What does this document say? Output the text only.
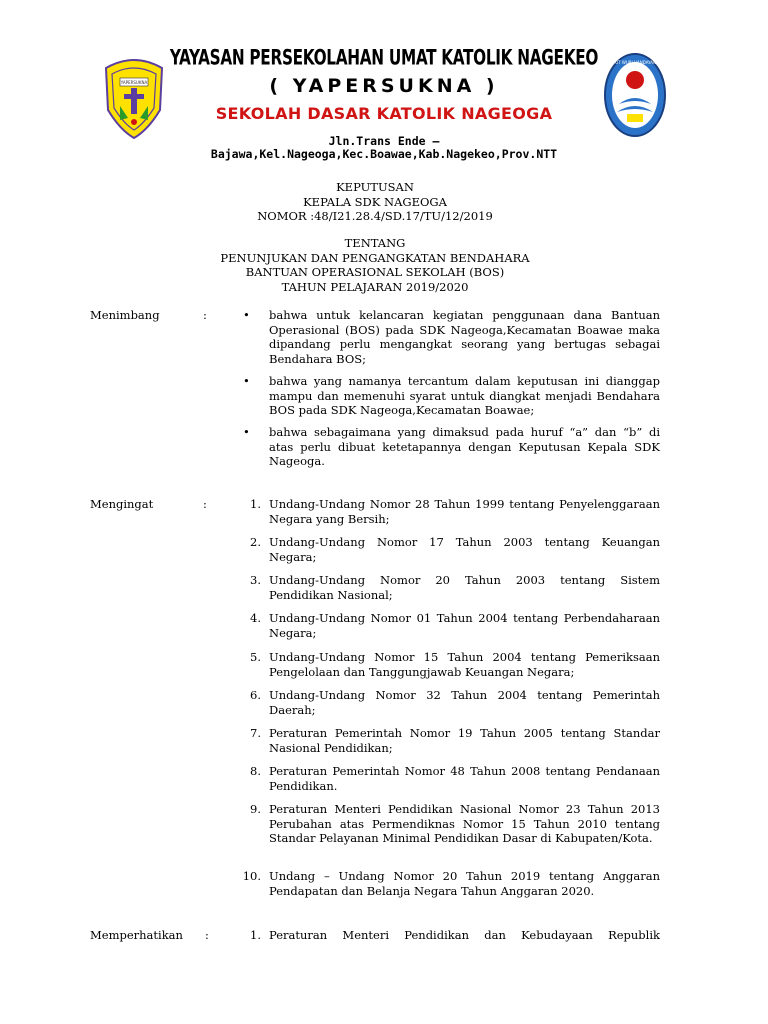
YAPERSUKNA
TUT WURI HANDAYANI
YAYASAN PERSEKOLAHAN UMAT KATOLIK NAGEKEO
( YAPERSUKNA )
SEKOLAH DASAR KATOLIK NAGEOGA
Jln.Trans Ende –
Bajawa,Kel.Nageoga,Kec.Boawae,Kab.Nagekeo,Prov.NTT
KEPUTUSAN
KEPALA SDK NAGEOGA
NOMOR :48/I21.28.4/SD.17/TU/12/2019
TENTANG
PENUNJUKAN DAN PENGANGKATAN BENDAHARA
BANTUAN OPERASIONAL SEKOLAH (BOS)
TAHUN PELAJARAN 2019/2020
Menimbang	:	• bahwa untuk kelancaran kegiatan penggunaan dana Bantuan Operasional (BOS) pada SDK Nageoga,Kecamatan Boawae maka dipandang perlu mengangkat seorang yang bertugas sebagai Bendahara BOS;
• bahwa yang namanya tercantum dalam keputusan ini dianggap mampu dan memenuhi syarat untuk diangkat menjadi Bendahara BOS pada SDK Nageoga,Kecamatan Boawae;
• bahwa sebagaimana yang dimaksud pada huruf “a” dan “b” di atas perlu dibuat ketetapannya dengan Keputusan Kepala SDK Nageoga.
Mengingat	:	1. Undang-Undang Nomor 28 Tahun 1999 tentang Penyelenggaraan Negara yang Bersih;
2. Undang-Undang Nomor 17 Tahun 2003 tentang Keuangan Negara;
3. Undang-Undang Nomor 20 Tahun 2003 tentang Sistem Pendidikan Nasional;
4. Undang-Undang Nomor 01 Tahun 2004 tentang Perbendaharaan Negara;
5. Undang-Undang Nomor 15 Tahun 2004 tentang Pemeriksaan Pengelolaan dan Tanggungjawab Keuangan Negara;
6. Undang-Undang Nomor 32 Tahun 2004 tentang Pemerintah Daerah;
7. Peraturan Pemerintah Nomor 19 Tahun 2005 tentang Standar Nasional Pendidikan;
8. Peraturan Pemerintah Nomor 48 Tahun 2008 tentang Pendanaan Pendidikan.
9. Peraturan Menteri Pendidikan Nasional Nomor 23 Tahun 2013 Perubahan atas Permendiknas Nomor 15 Tahun 2010 tentang Standar Pelayanan Minimal Pendidikan Dasar di Kabupaten/Kota.
10. Undang – Undang Nomor 20 Tahun 2019 tentang Anggaran Pendapatan dan Belanja Negara Tahun Anggaran 2020.
Memperhatikan :	1. Peraturan Menteri Pendidikan dan Kebudayaan Republik
